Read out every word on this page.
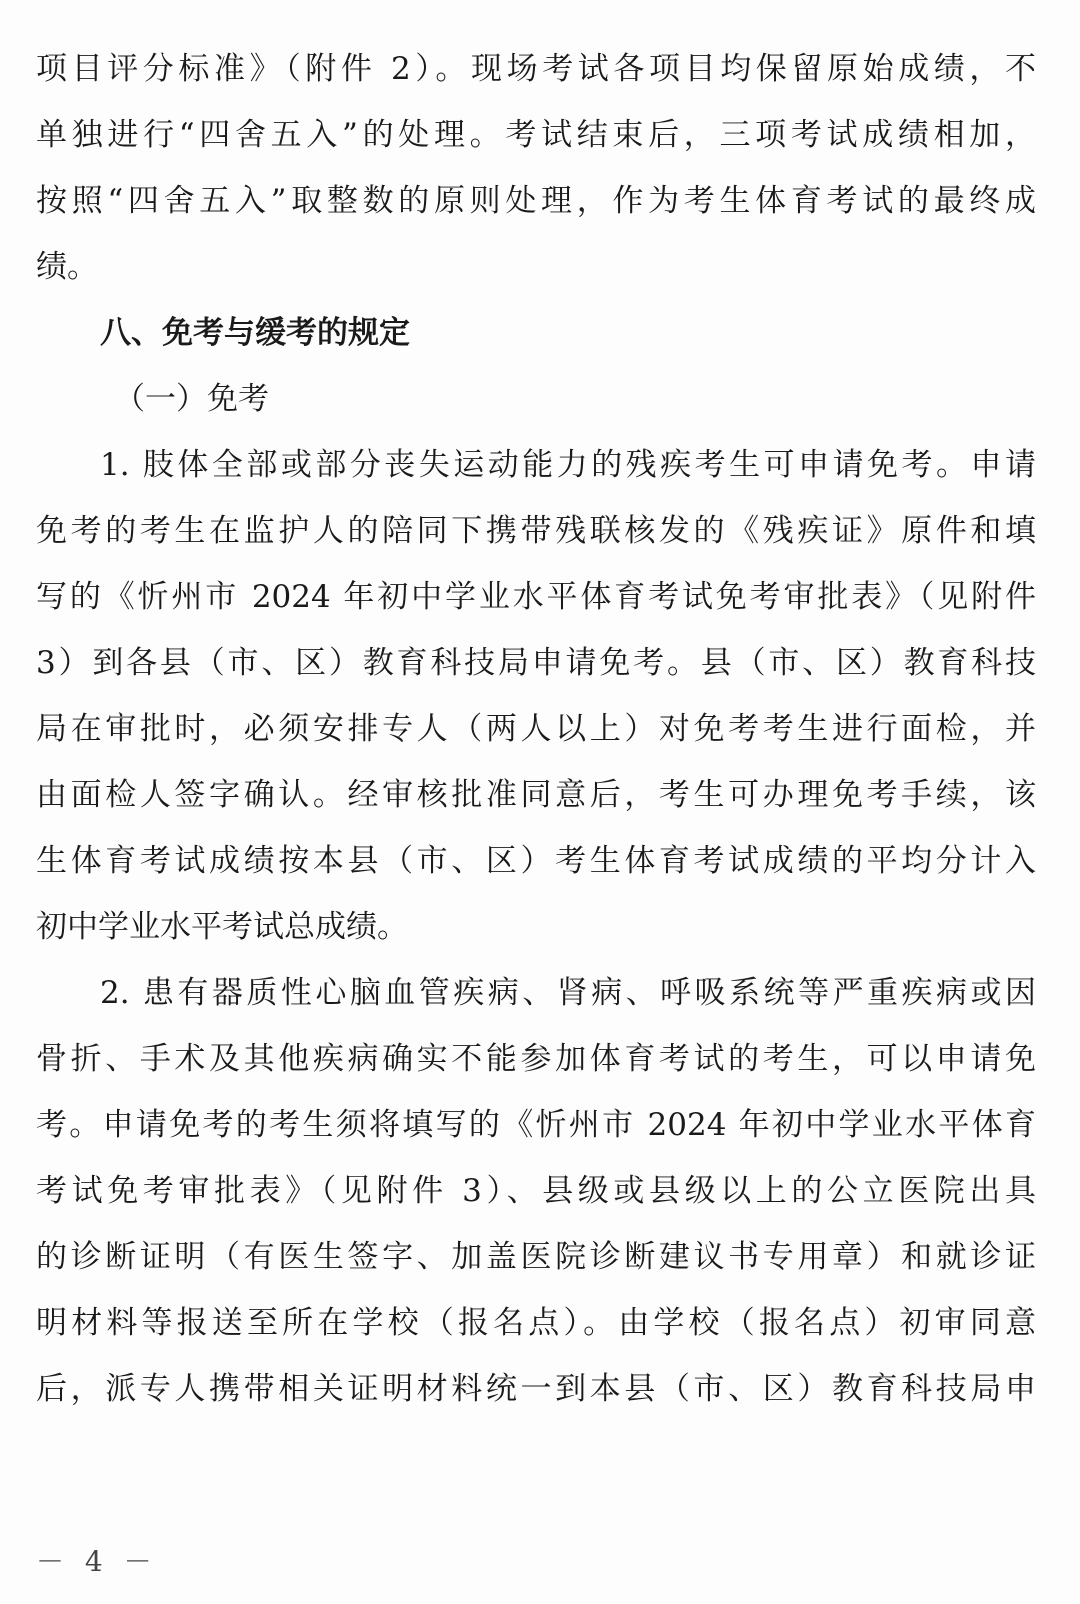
项目评分标准》（附件 2）。现场考试各项目均保留原始成绩，不
单独进行“四舍五入”的处理。考试结束后，三项考试成绩相加，
按照“四舍五入”取整数的原则处理，作为考生体育考试的最终成
绩。
八、免考与缓考的规定
（一）免考
1. 肢体全部或部分丧失运动能力的残疾考生可申请免考。申请
免考的考生在监护人的陪同下携带残联核发的《残疾证》原件和填
写的《忻州市 2024 年初中学业水平体育考试免考审批表》（见附件
3）到各县（市、区）教育科技局申请免考。县（市、区）教育科技
局在审批时，必须安排专人（两人以上）对免考考生进行面检，并
由面检人签字确认。经审核批准同意后，考生可办理免考手续，该
生体育考试成绩按本县（市、区）考生体育考试成绩的平均分计入
初中学业水平考试总成绩。
2. 患有器质性心脑血管疾病、肾病、呼吸系统等严重疾病或因
骨折、手术及其他疾病确实不能参加体育考试的考生，可以申请免
考。申请免考的考生须将填写的《忻州市 2024 年初中学业水平体育
考试免考审批表》（见附件 3）、县级或县级以上的公立医院出具
的诊断证明（有医生签字、加盖医院诊断建议书专用章）和就诊证
明材料等报送至所在学校（报名点）。由学校（报名点）初审同意
后，派专人携带相关证明材料统一到本县（市、区）教育科技局申
－ 4 －
